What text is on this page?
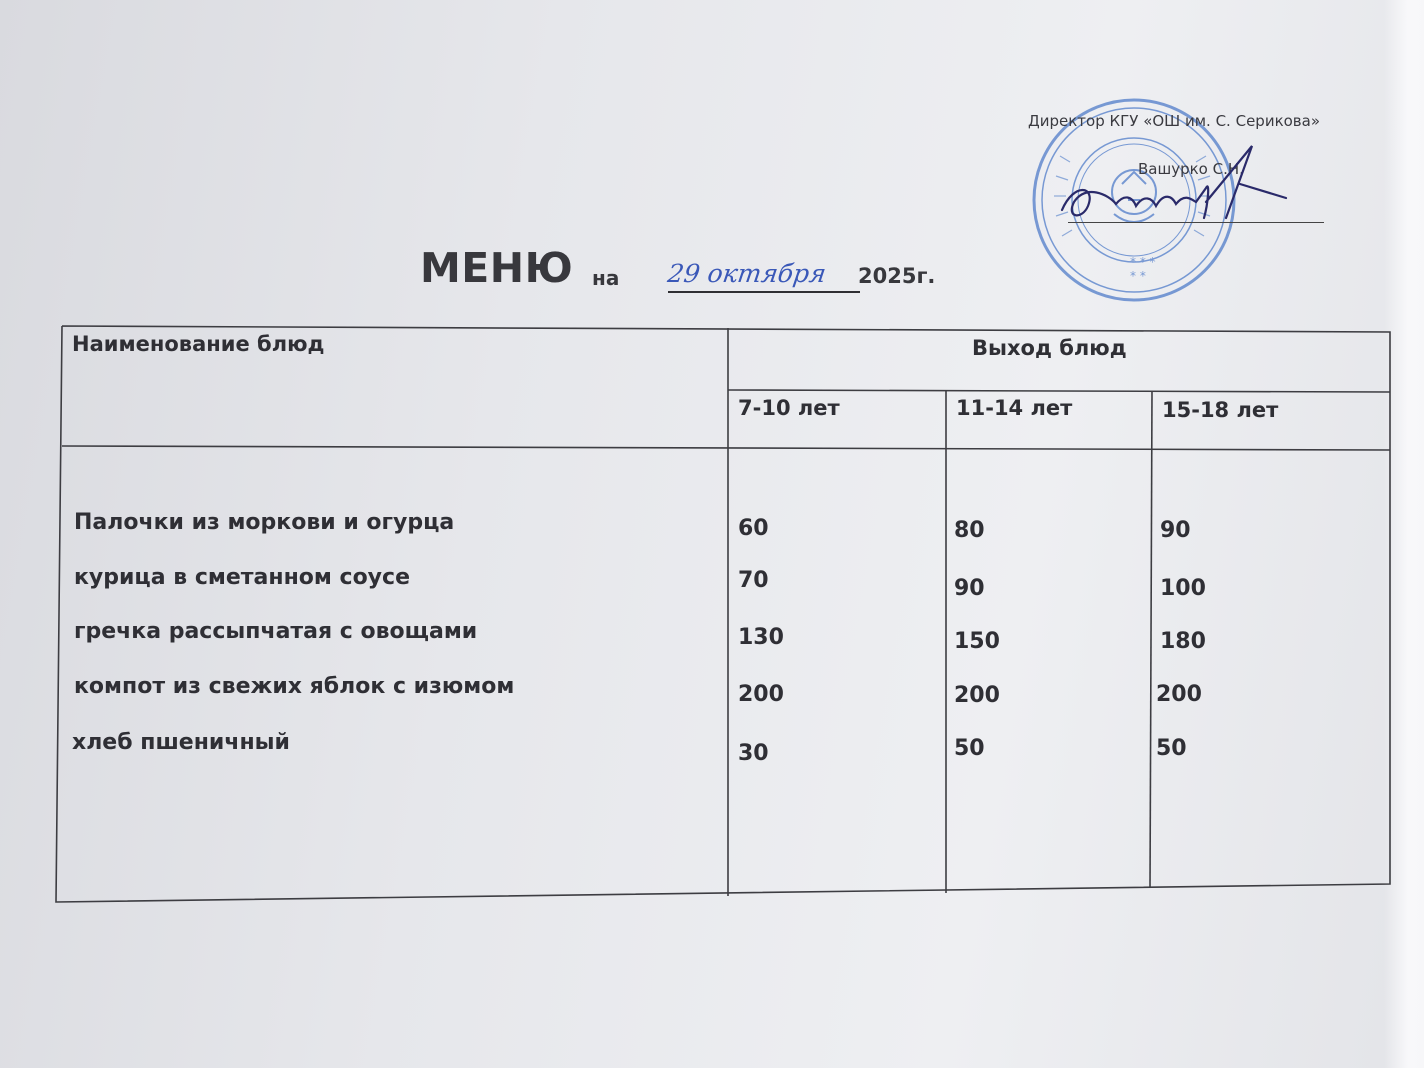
* * *
* *
Директор КГУ «ОШ им. С. Серикова»
Вашурко С.Н.
МЕНЮ на 29 октября 2025г.
Наименование блюд	Выход блюд
7-10 лет	11-14 лет	15-18 лет
Палочки из моркови и огурца	60	80	90
курица в сметанном соусе	70	90	100
гречка рассыпчатая с овощами	130	150	180
компот из свежих яблок с изюмом	200	200	200
хлеб пшеничный	30	50	50
